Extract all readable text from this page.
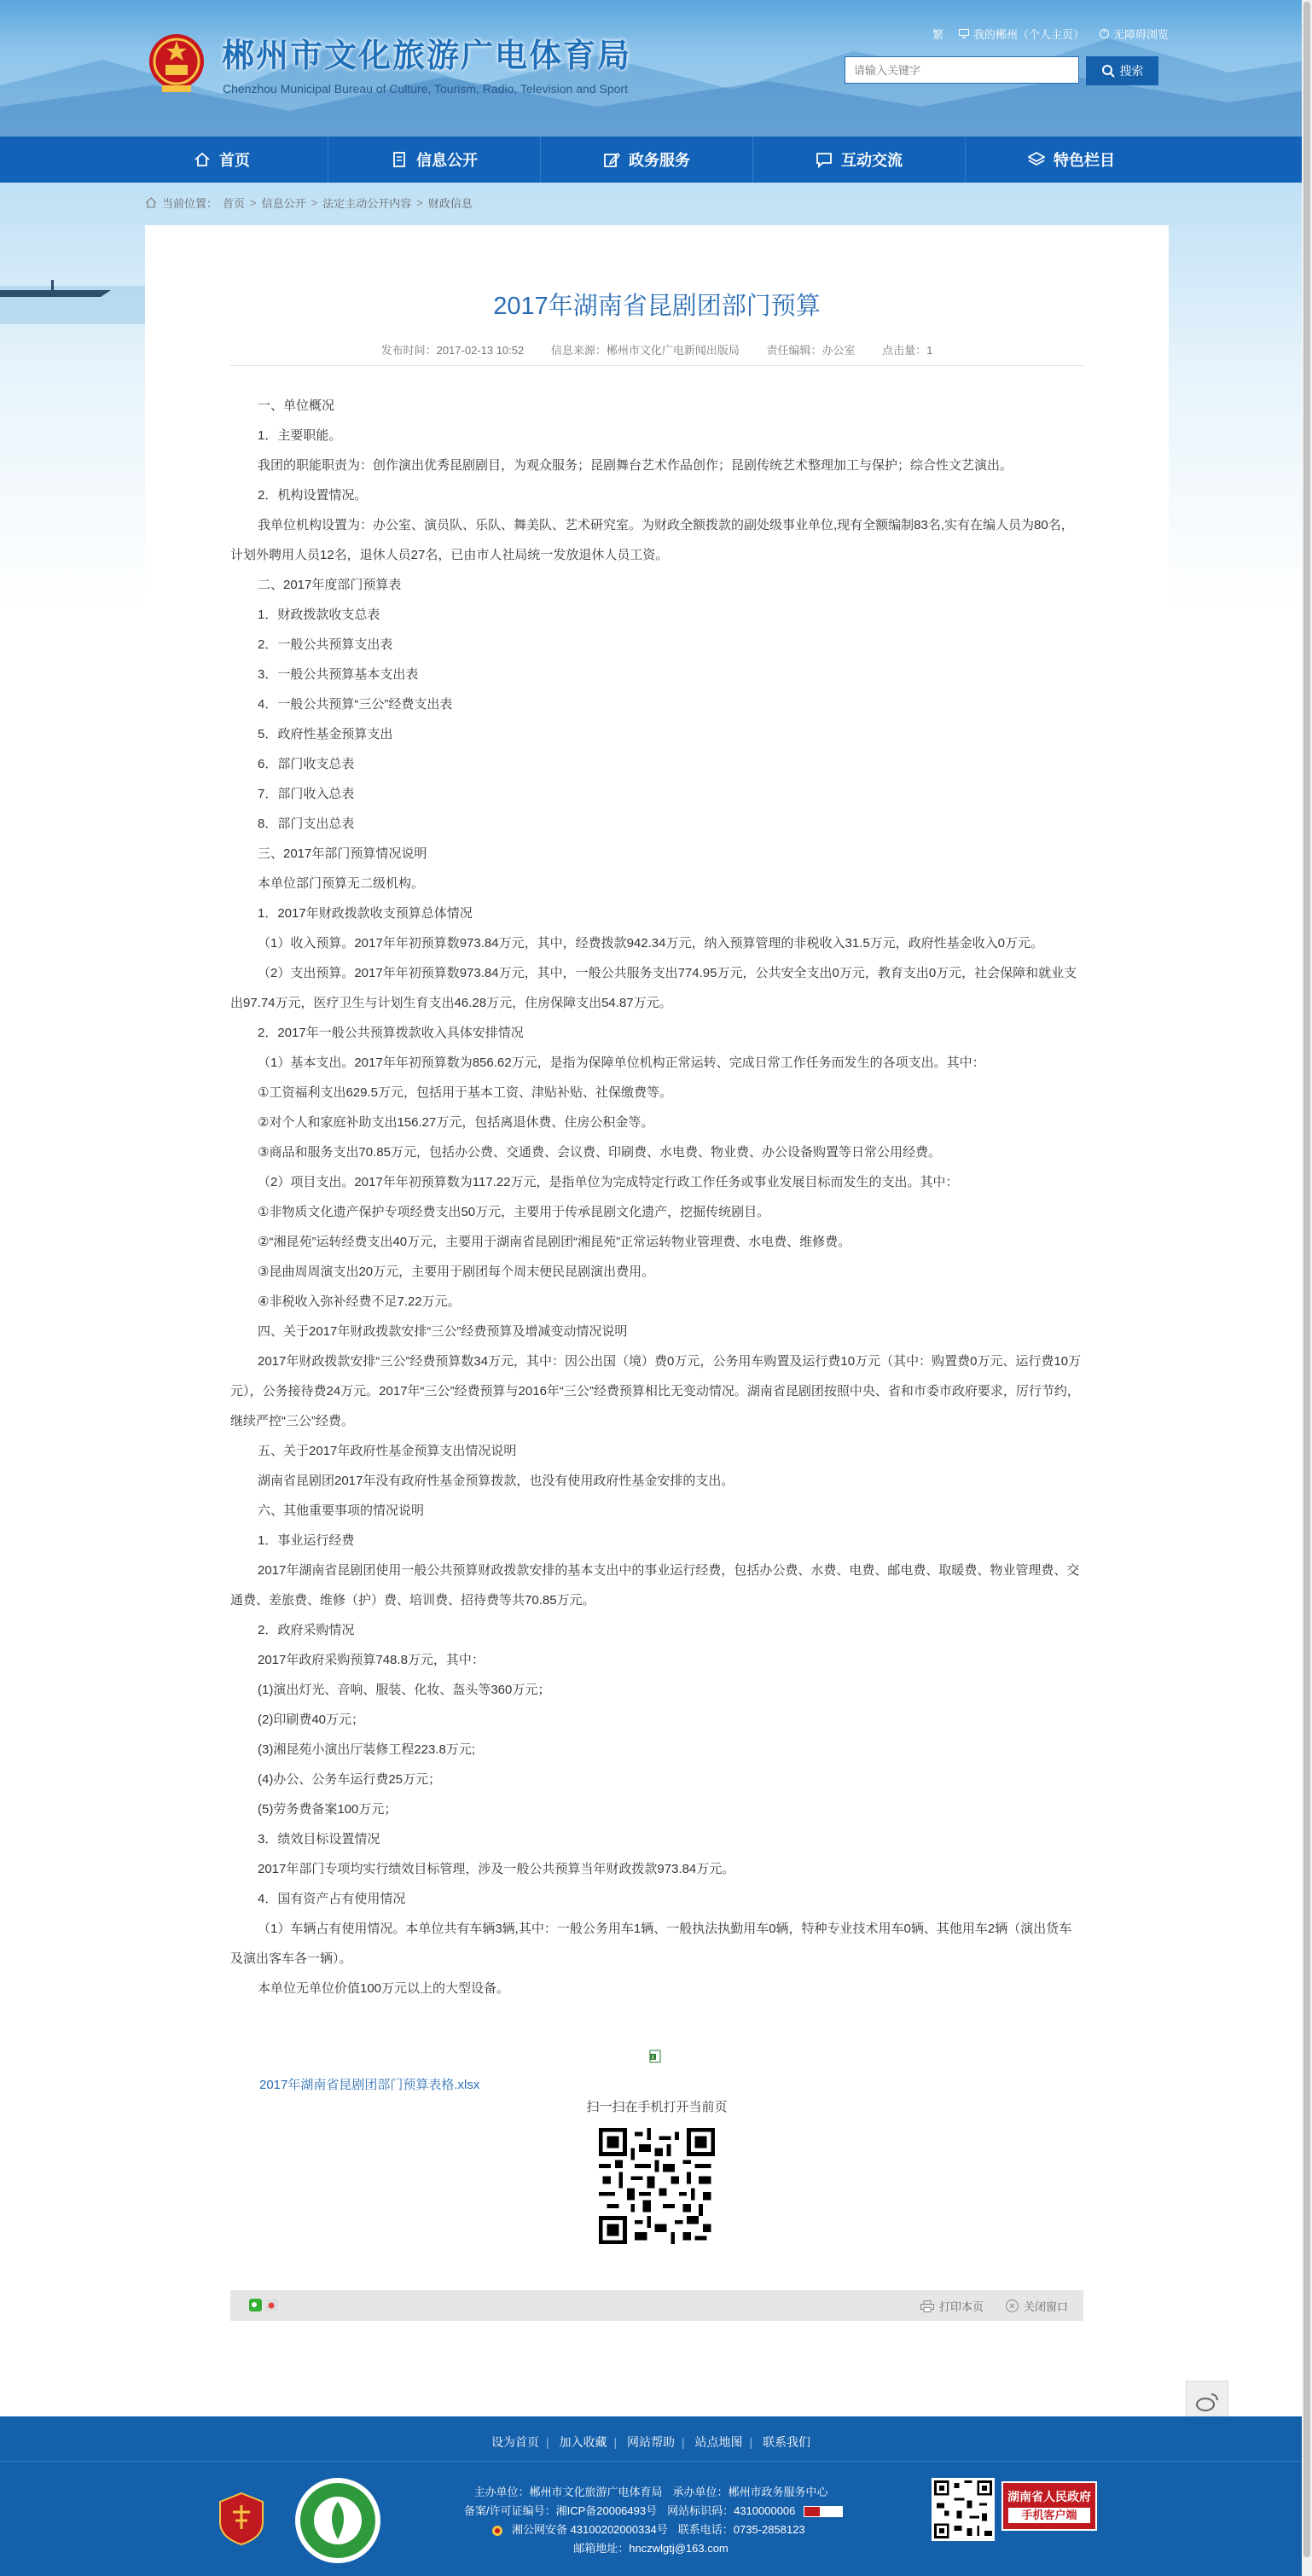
郴州市文化旅游广电体育局
Chenzhou Municipal Bureau of Culture, Tourism, Radio, Television and Sport
繁	我的郴州（个人主页）	无障碍浏览
请输入关键字
搜索
首页	信息公开	政务服务	互动交流	特色栏目
当前位置： 首页 > 信息公开 > 法定主动公开内容 > 财政信息
2017年湖南省昆剧团部门预算
发布时间：2017-02-13 10:52 信息来源：郴州市文化广电新闻出版局 责任编辑：办公室 点击量：1

一、单位概况

1．主要职能。

我团的职能职责为：创作演出优秀昆剧剧目，为观众服务；昆剧舞台艺术作品创作；昆剧传统艺术整理加工与保护；综合性文艺演出。

2．机构设置情况。

我单位机构设置为：办公室、演员队、乐队、舞美队、艺术研究室。为财政全额拨款的副处级事业单位,现有全额编制83名,实有在编人员为80名，计划外聘用人员12名，退休人员27名，已由市人社局统一发放退休人员工资。

二、2017年度部门预算表

1．财政拨款收支总表

2．一般公共预算支出表

3．一般公共预算基本支出表

4．一般公共预算“三公”经费支出表

5．政府性基金预算支出

6．部门收支总表

7．部门收入总表

8．部门支出总表

三、2017年部门预算情况说明

本单位部门预算无二级机构。

1．2017年财政拨款收支预算总体情况

（1）收入预算。2017年年初预算数973.84万元，其中，经费拨款942.34万元，纳入预算管理的非税收入31.5万元，政府性基金收入0万元。

（2）支出预算。2017年年初预算数973.84万元，其中，一般公共服务支出774.95万元，公共安全支出0万元，教育支出0万元，社会保障和就业支出97.74万元，医疗卫生与计划生育支出46.28万元，住房保障支出54.87万元。

2．2017年一般公共预算拨款收入具体安排情况

（1）基本支出。2017年年初预算数为856.62万元，是指为保障单位机构正常运转、完成日常工作任务而发生的各项支出。其中：

①工资福利支出629.5万元，包括用于基本工资、津贴补贴、社保缴费等。

②对个人和家庭补助支出156.27万元，包括离退休费、住房公积金等。

③商品和服务支出70.85万元，包括办公费、交通费、会议费、印刷费、水电费、物业费、办公设备购置等日常公用经费。

（2）项目支出。2017年年初预算数为117.22万元，是指单位为完成特定行政工作任务或事业发展目标而发生的支出。其中：

①非物质文化遗产保护专项经费支出50万元，主要用于传承昆剧文化遗产，挖掘传统剧目。

②“湘昆苑”运转经费支出40万元，主要用于湖南省昆剧团“湘昆苑”正常运转物业管理费、水电费、维修费。

③昆曲周周演支出20万元，主要用于剧团每个周末便民昆剧演出费用。

④非税收入弥补经费不足7.22万元。

四、关于2017年财政拨款安排“三公”经费预算及增减变动情况说明

2017年财政拨款安排“三公”经费预算数34万元，其中：因公出国（境）费0万元，公务用车购置及运行费10万元（其中：购置费0万元、运行费10万元），公务接待费24万元。2017年“三公”经费预算与2016年“三公”经费预算相比无变动情况。湖南省昆剧团按照中央、省和市委市政府要求，厉行节约，继续严控“三公”经费。

五、关于2017年政府性基金预算支出情况说明

湖南省昆剧团2017年没有政府性基金预算拨款，也没有使用政府性基金安排的支出。

六、其他重要事项的情况说明

1．事业运行经费

2017年湖南省昆剧团使用一般公共预算财政拨款安排的基本支出中的事业运行经费，包括办公费、水费、电费、邮电费、取暖费、物业管理费、交通费、差旅费、维修（护）费、培训费、招待费等共70.85万元。

2．政府采购情况

2017年政府采购预算748.8万元，其中：

(1)演出灯光、音响、服装、化妆、盔头等360万元；

(2)印刷费40万元；

(3)湘昆苑小演出厅装修工程223.8万元;

(4)办公、公务车运行费25万元；

(5)劳务费备案100万元；

3．绩效目标设置情况

2017年部门专项均实行绩效目标管理，涉及一般公共预算当年财政拨款973.84万元。

4．国有资产占有使用情况

（1）车辆占有使用情况。本单位共有车辆3辆,其中：一般公务用车1辆、一般执法执勤用车0辆，特种专业技术用车0辆、其他用车2辆（演出货车及演出客车各一辆）。

本单位无单位价值100万元以上的大型设备。

X
2017年湖南省昆剧团部门预算表格.xlsx
扫一扫在手机打开当前页
打印本页	关闭窗口
设为首页 | 加入收藏 | 网站帮助 | 站点地图 | 联系我们
主办单位：郴州市文化旅游广电体育局 承办单位：郴州市政务服务中心
备案/许可证编号：湘ICP备20006493号 网站标识码：4310000006
湘公网安备 43100202000334号 联系电话：0735-2858123
邮箱地址：hnczwlgtj@163.com
湖南省人民政府
手机客户端
